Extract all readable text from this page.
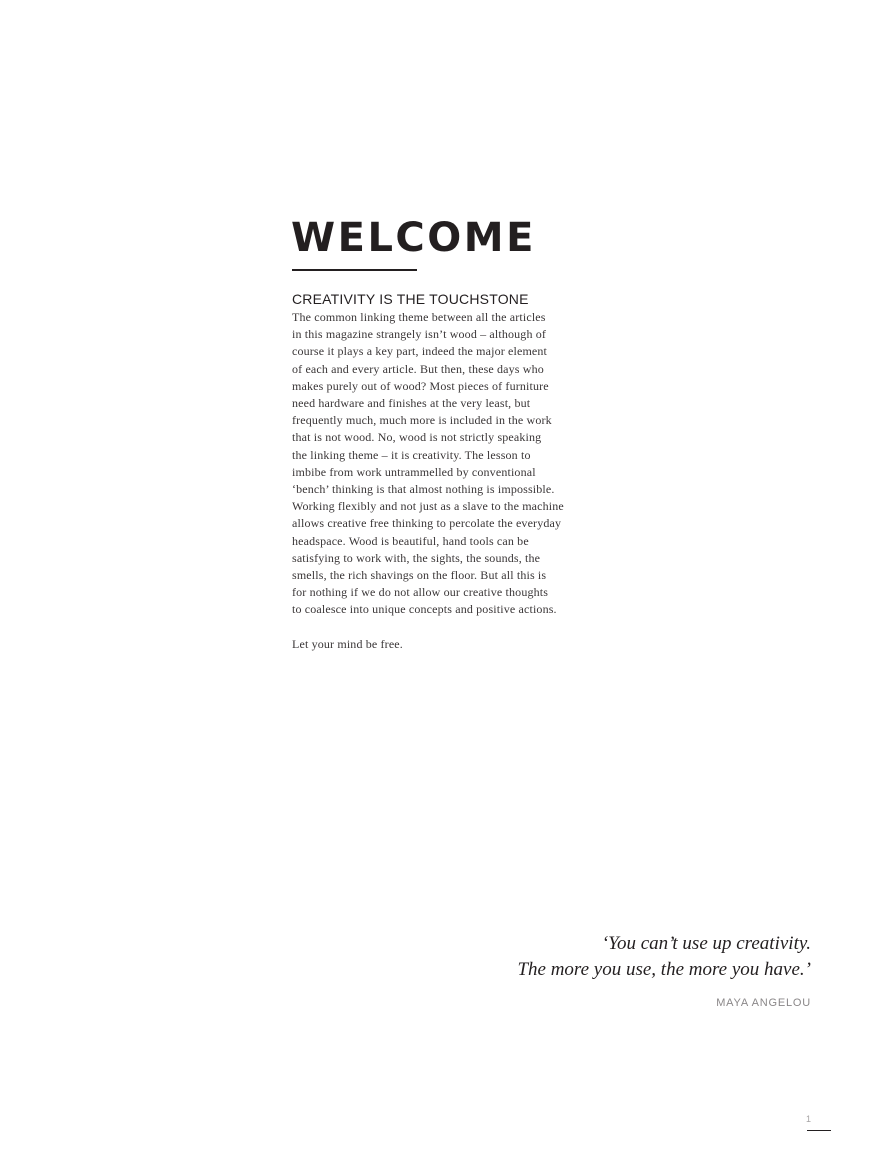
WELCOME
CREATIVITY IS THE TOUCHSTONE
The common linking theme between all the articles
in this magazine strangely isn’t wood – although of
course it plays a key part, indeed the major element
of each and every article. But then, these days who
makes purely out of wood? Most pieces of furniture
need hardware and finishes at the very least, but
frequently much, much more is included in the work
that is not wood. No, wood is not strictly speaking
the linking theme – it is creativity. The lesson to
imbibe from work untrammelled by conventional
‘bench’ thinking is that almost nothing is impossible.
Working flexibly and not just as a slave to the machine
allows creative free thinking to percolate the everyday
headspace. Wood is beautiful, hand tools can be
satisfying to work with, the sights, the sounds, the
smells, the rich shavings on the floor. But all this is
for nothing if we do not allow our creative thoughts
to coalesce into unique concepts and positive actions.
Let your mind be free.
‘You can’t use up creativity.
The more you use, the more you have.’
MAYA ANGELOU
1
